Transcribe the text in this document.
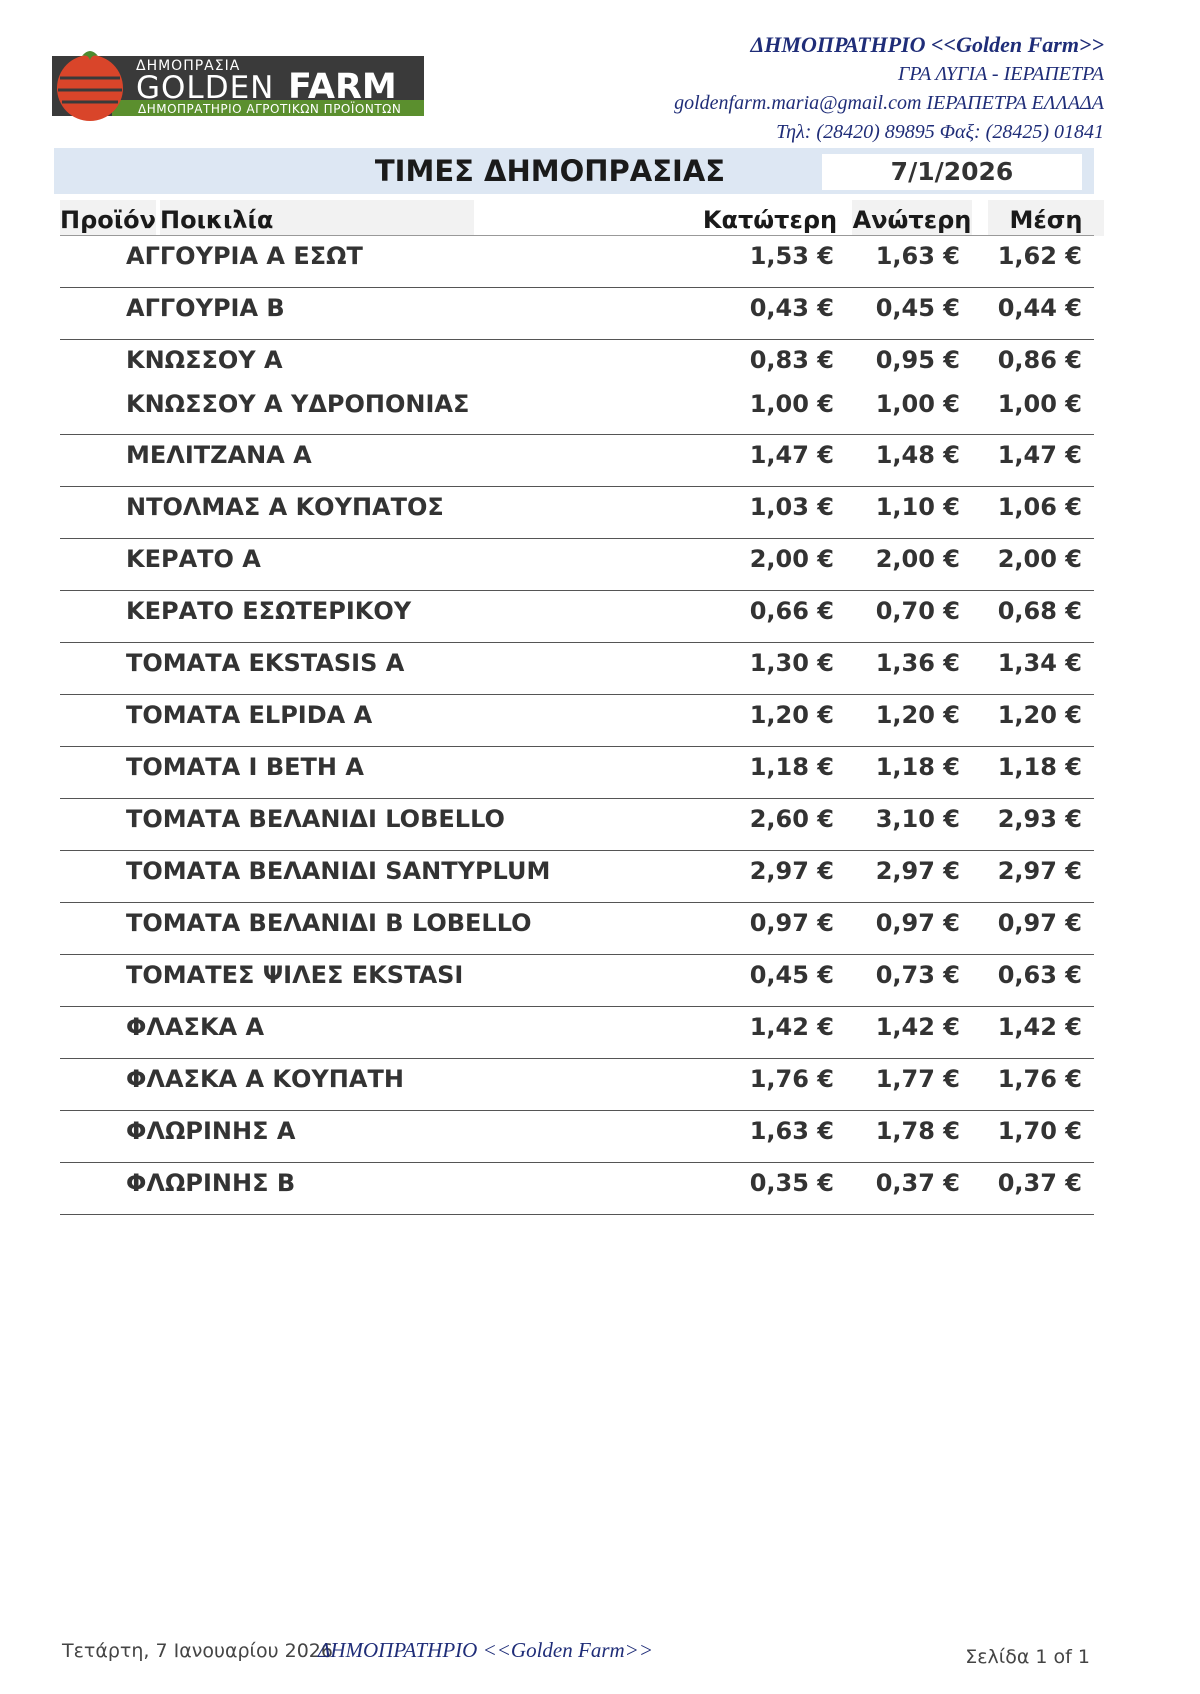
ΔΗΜΟΠΡΑΣΙΑ
GOLDEN FARM
ΔΗΜΟΠΡΑΤΗΡΙΟ ΑΓΡΟΤΙΚΩΝ ΠΡΟΪΟΝΤΩΝ
ΔΗΜΟΠΡΑΤΗΡΙΟ <<Golden Farm>>
ΓΡΑ ΛΥΓΙΑ - ΙΕΡΑΠΕΤΡΑ
goldenfarm.maria@gmail.com ΙΕΡΑΠΕΤΡΑ ΕΛΛΑΔΑ
Τηλ: (28420) 89895 Φαξ: (28425) 01841
ΤΙΜΕΣ ΔΗΜΟΠΡΑΣΙΑΣ	7/1/2026
Προϊόν Ποικιλία	Κατώτερη Ανώτερη	Μέση
ΑΓΓΟΥΡΙΑ Α ΕΣΩΤ	1,53 € 1,63 € 1,62 €
ΑΓΓΟΥΡΙΑ Β	0,43 € 0,45 € 0,44 €
ΚΝΩΣΣΟΥ Α	0,83 € 0,95 € 0,86 €
ΚΝΩΣΣΟΥ Α ΥΔΡΟΠΟΝΙΑΣ	1,00 € 1,00 € 1,00 €
ΜΕΛΙΤΖΑΝΑ Α	1,47 € 1,48 € 1,47 €
ΝΤΟΛΜΑΣ Α ΚΟΥΠΑΤΟΣ	1,03 € 1,10 € 1,06 €
ΚΕΡΑΤΟ Α	2,00 € 2,00 € 2,00 €
ΚΕΡΑΤΟ ΕΣΩΤΕΡΙΚΟΥ	0,66 € 0,70 € 0,68 €
ΤΟΜΑΤΑ EKSTASIS A	1,30 € 1,36 € 1,34 €
ΤΟΜΑΤΑ ELPIDA A	1,20 € 1,20 € 1,20 €
ΤΟΜΑΤΑ I BETH A	1,18 € 1,18 € 1,18 €
ΤΟΜΑΤΑ ΒΕΛΑΝΙΔΙ LOBELLO	2,60 € 3,10 € 2,93 €
ΤΟΜΑΤΑ ΒΕΛΑΝΙΔΙ SANTYPLUM	2,97 € 2,97 € 2,97 €
ΤΟΜΑΤΑ ΒΕΛΑΝΙΔΙ Β LOBELLO	0,97 € 0,97 € 0,97 €
ΤΟΜΑΤΕΣ ΨΙΛΕΣ EKSTASI	0,45 € 0,73 € 0,63 €
ΦΛΑΣΚΑ Α	1,42 € 1,42 € 1,42 €
ΦΛΑΣΚΑ Α ΚΟΥΠΑΤΗ	1,76 € 1,77 € 1,76 €
ΦΛΩΡΙΝΗΣ Α	1,63 € 1,78 € 1,70 €
ΦΛΩΡΙΝΗΣ Β	0,35 € 0,37 € 0,37 €
Τετάρτη, 7 Ιανουαρίου 2026
ΔΗΜΟΠΡΑΤΗΡΙΟ <<Golden Farm>>	Σελίδα 1 of 1
